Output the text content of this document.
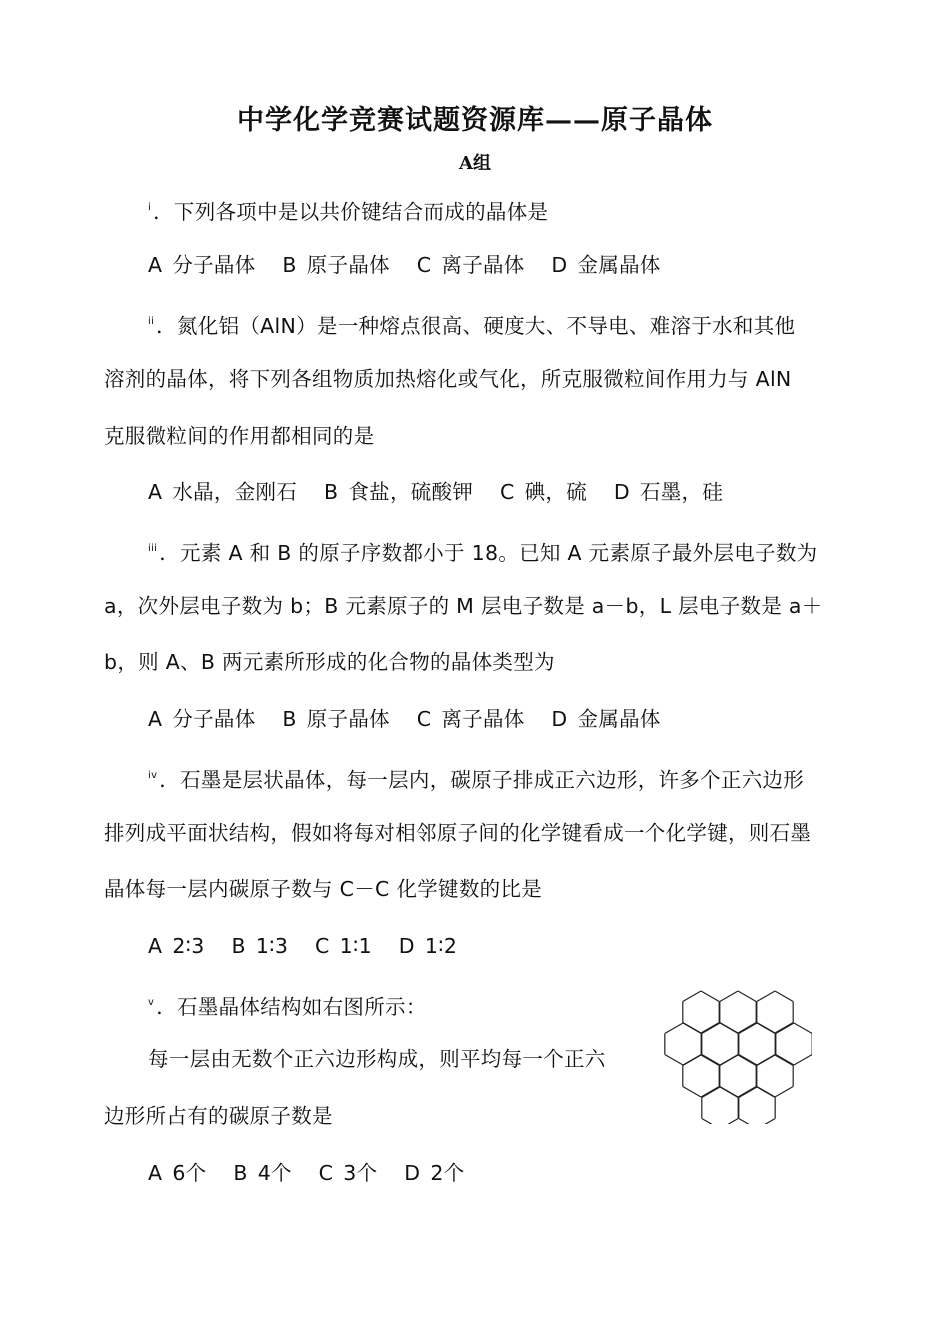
中学化学竞赛试题资源库——原子晶体
A组
$^i$．下列各项中是以共价键结合而成的晶体是
A 分子晶体 B 原子晶体 C 离子晶体 D 金属晶体
$^{ii}$．氮化铝（AlN）是一种熔点很高、硬度大、不导电、难溶于水和其他
溶剂的晶体，将下列各组物质加热熔化或气化，所克服微粒间作用力与 AlN
克服微粒间的作用都相同的是
A 水晶，金刚石 B 食盐，硫酸钾 C 碘，硫 D 石墨，硅
$^{iii}$．元素 A 和 B 的原子序数都小于 18。已知 A 元素原子最外层电子数为
a，次外层电子数为 b；B 元素原子的 M 层电子数是 a－b，L 层电子数是 a＋
b，则 A、B 两元素所形成的化合物的晶体类型为
A 分子晶体 B 原子晶体 C 离子晶体 D 金属晶体
$^{iv}$．石墨是层状晶体，每一层内，碳原子排成正六边形，许多个正六边形
排列成平面状结构，假如将每对相邻原子间的化学键看成一个化学键，则石墨
晶体每一层内碳原子数与 C－C 化学键数的比是
A 2∶3 B 1∶3 C 1∶1 D 1∶2
$^v$．石墨晶体结构如右图所示：
每一层由无数个正六边形构成，则平均每一个正六
边形所占有的碳原子数是
A 6个 B 4个 C 3个 D 2个
